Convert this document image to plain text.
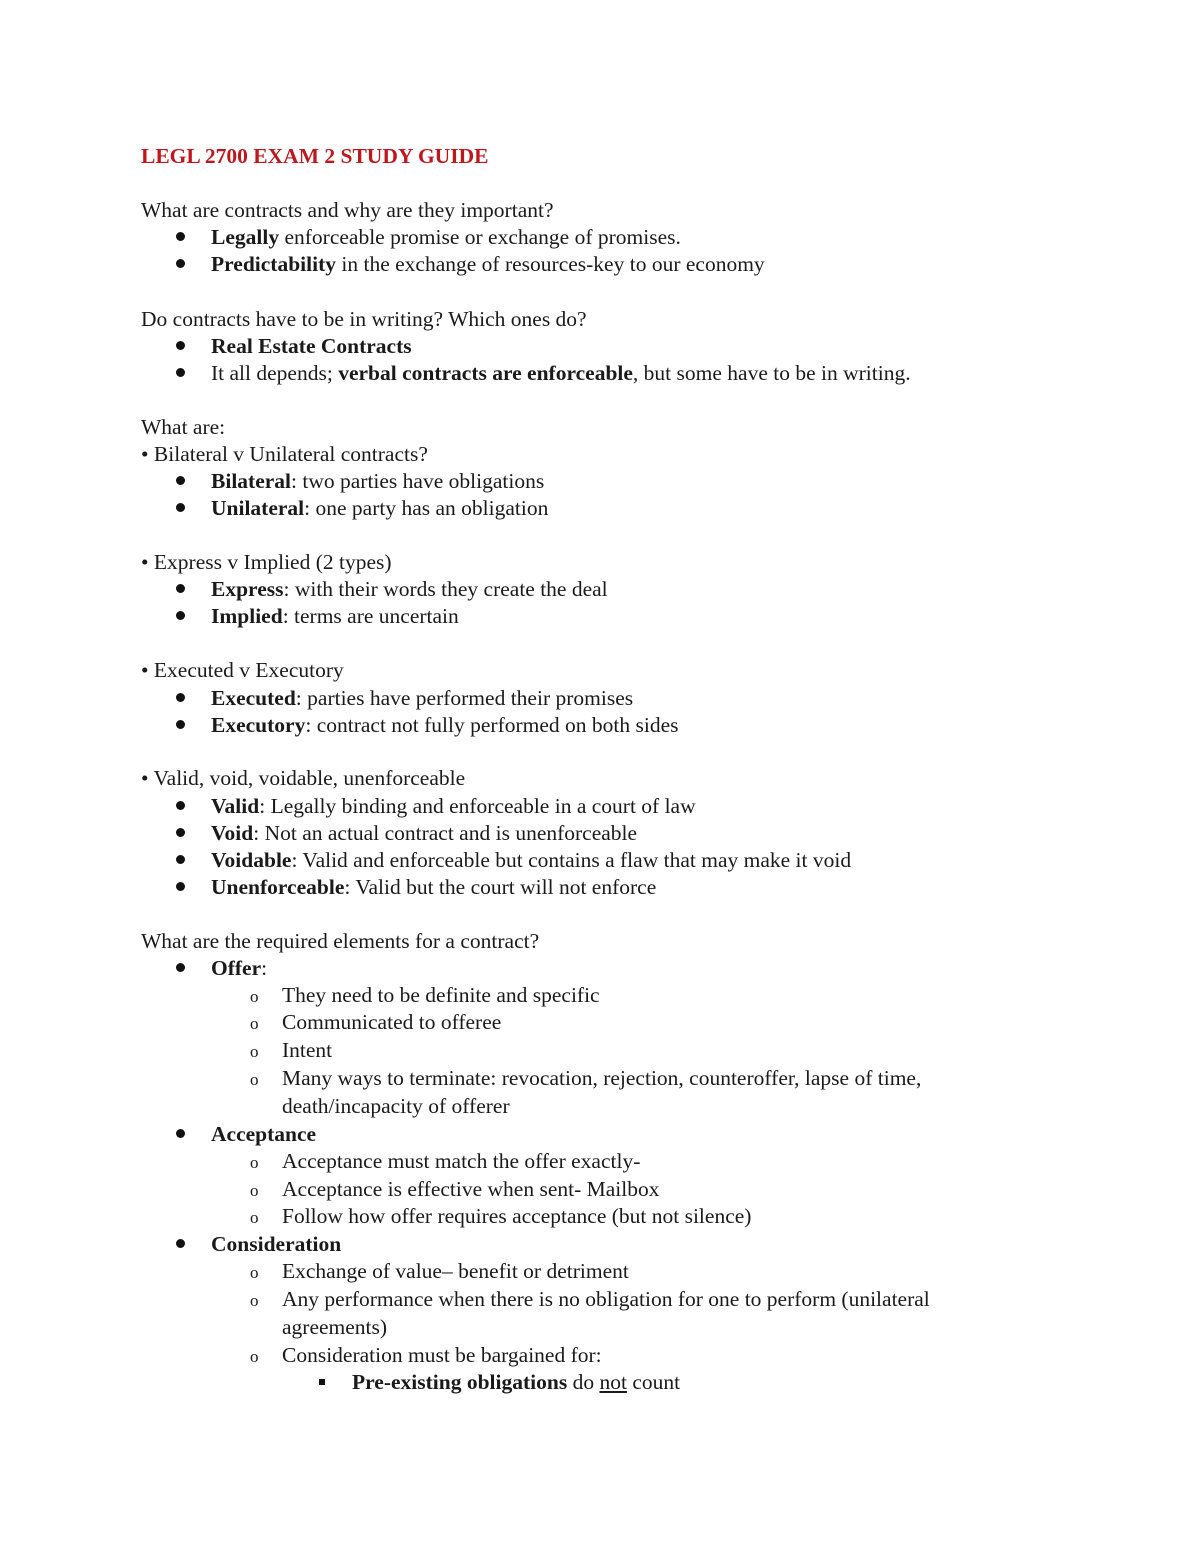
LEGL 2700 EXAM 2 STUDY GUIDE
What are contracts and why are they important?
Legally enforceable promise or exchange of promises.
Predictability in the exchange of resources-key to our economy
Do contracts have to be in writing? Which ones do?
Real Estate Contracts
It all depends; verbal contracts are enforceable, but some have to be in writing.
What are:
• Bilateral v Unilateral contracts?
Bilateral: two parties have obligations
Unilateral: one party has an obligation
• Express v Implied (2 types)
Express: with their words they create the deal
Implied: terms are uncertain
• Executed v Executory
Executed: parties have performed their promises
Executory: contract not fully performed on both sides
• Valid, void, voidable, unenforceable
Valid: Legally binding and enforceable in a court of law
Void: Not an actual contract and is unenforceable
Voidable: Valid and enforceable but contains a flaw that may make it void
Unenforceable: Valid but the court will not enforce
What are the required elements for a contract?
Offer:
o They need to be definite and specific
o Communicated to offeree
o Intent
o Many ways to terminate: revocation, rejection, counteroffer, lapse of time,
death/incapacity of offerer
Acceptance
o Acceptance must match the offer exactly-
o Acceptance is effective when sent- Mailbox
o Follow how offer requires acceptance (but not silence)
Consideration
o Exchange of value– benefit or detriment
o Any performance when there is no obligation for one to perform (unilateral
agreements)
o Consideration must be bargained for:
Pre-existing obligations do not count
